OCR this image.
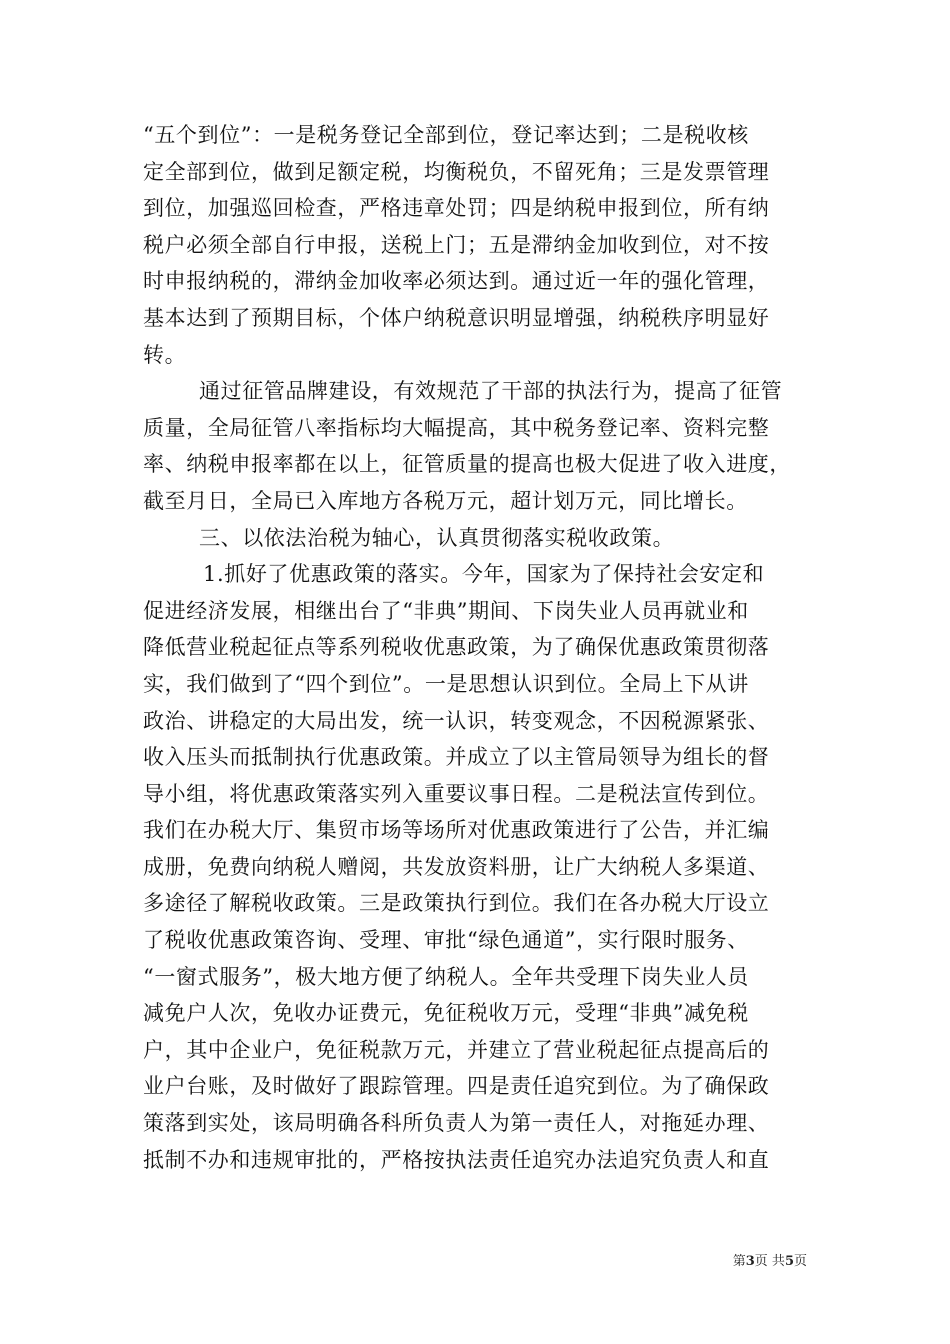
“五个到位”：一是税务登记全部到位，登记率达到；二是税收核
定全部到位，做到足额定税，均衡税负，不留死角；三是发票管理
到位，加强巡回检查，严格违章处罚；四是纳税申报到位，所有纳
税户必须全部自行申报，送税上门；五是滞纳金加收到位，对不按
时申报纳税的，滞纳金加收率必须达到。通过近一年的强化管理，
基本达到了预期目标，个体户纳税意识明显增强，纳税秩序明显好
转。
通过征管品牌建设，有效规范了干部的执法行为，提高了征管
质量，全局征管八率指标均大幅提高，其中税务登记率、资料完整
率、纳税申报率都在以上，征管质量的提高也极大促进了收入进度，
截至月日，全局已入库地方各税万元，超计划万元，同比增长。
三、以依法治税为轴心，认真贯彻落实税收政策。
1.抓好了优惠政策的落实。今年，国家为了保持社会安定和
促进经济发展，相继出台了“非典”期间、下岗失业人员再就业和
降低营业税起征点等系列税收优惠政策，为了确保优惠政策贯彻落
实，我们做到了“四个到位”。一是思想认识到位。全局上下从讲
政治、讲稳定的大局出发，统一认识，转变观念，不因税源紧张、
收入压头而抵制执行优惠政策。并成立了以主管局领导为组长的督
导小组，将优惠政策落实列入重要议事日程。二是税法宣传到位。
我们在办税大厅、集贸市场等场所对优惠政策进行了公告，并汇编
成册，免费向纳税人赠阅，共发放资料册，让广大纳税人多渠道、
多途径了解税收政策。三是政策执行到位。我们在各办税大厅设立
了税收优惠政策咨询、受理、审批“绿色通道”，实行限时服务、
“一窗式服务”，极大地方便了纳税人。全年共受理下岗失业人员
减免户人次，免收办证费元，免征税收万元，受理“非典”减免税
户，其中企业户，免征税款万元，并建立了营业税起征点提高后的
业户台账，及时做好了跟踪管理。四是责任追究到位。为了确保政
策落到实处，该局明确各科所负责人为第一责任人，对拖延办理、
抵制不办和违规审批的，严格按执法责任追究办法追究负责人和直
第3页 共5页
